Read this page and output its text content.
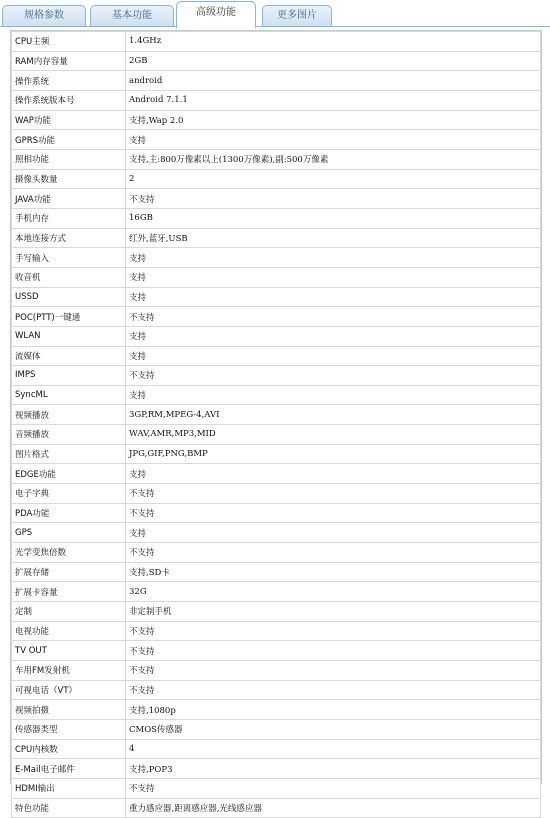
规格参数	基本功能	高级功能	更多图片
CPU主频	1.4GHz
RAM内存容量	2GB
操作系统	android
操作系统版本号	Android 7.1.1
WAP功能	支持,Wap 2.0
GPRS功能	支持
照相功能	支持,主:800万像素以上(1300万像素),副:500万像素
摄像头数量	2
JAVA功能	不支持
手机内存	16GB
本地连接方式	红外,蓝牙,USB
手写输入	支持
收音机	支持
USSD	支持
POC(PTT)一键通	不支持
WLAN	支持
流媒体	支持
IMPS	不支持
SyncML	支持
视频播放	3GP,RM,MPEG-4,AVI
音频播放	WAV,AMR,MP3,MID
图片格式	JPG,GIF,PNG,BMP
EDGE功能	支持
电子字典	不支持
PDA功能	不支持
GPS	支持
光学变焦倍数	不支持
扩展存储	支持,SD卡
扩展卡容量	32G
定制	非定制手机
电视功能	不支持
TV OUT	不支持
车用FM发射机	不支持
可视电话（VT）	不支持
视频拍摄	支持,1080p
传感器类型	CMOS传感器
CPU内核数	4
E-Mail电子邮件	支持,POP3
HDMI输出	不支持
特色功能	重力感应器,距离感应器,光线感应器
